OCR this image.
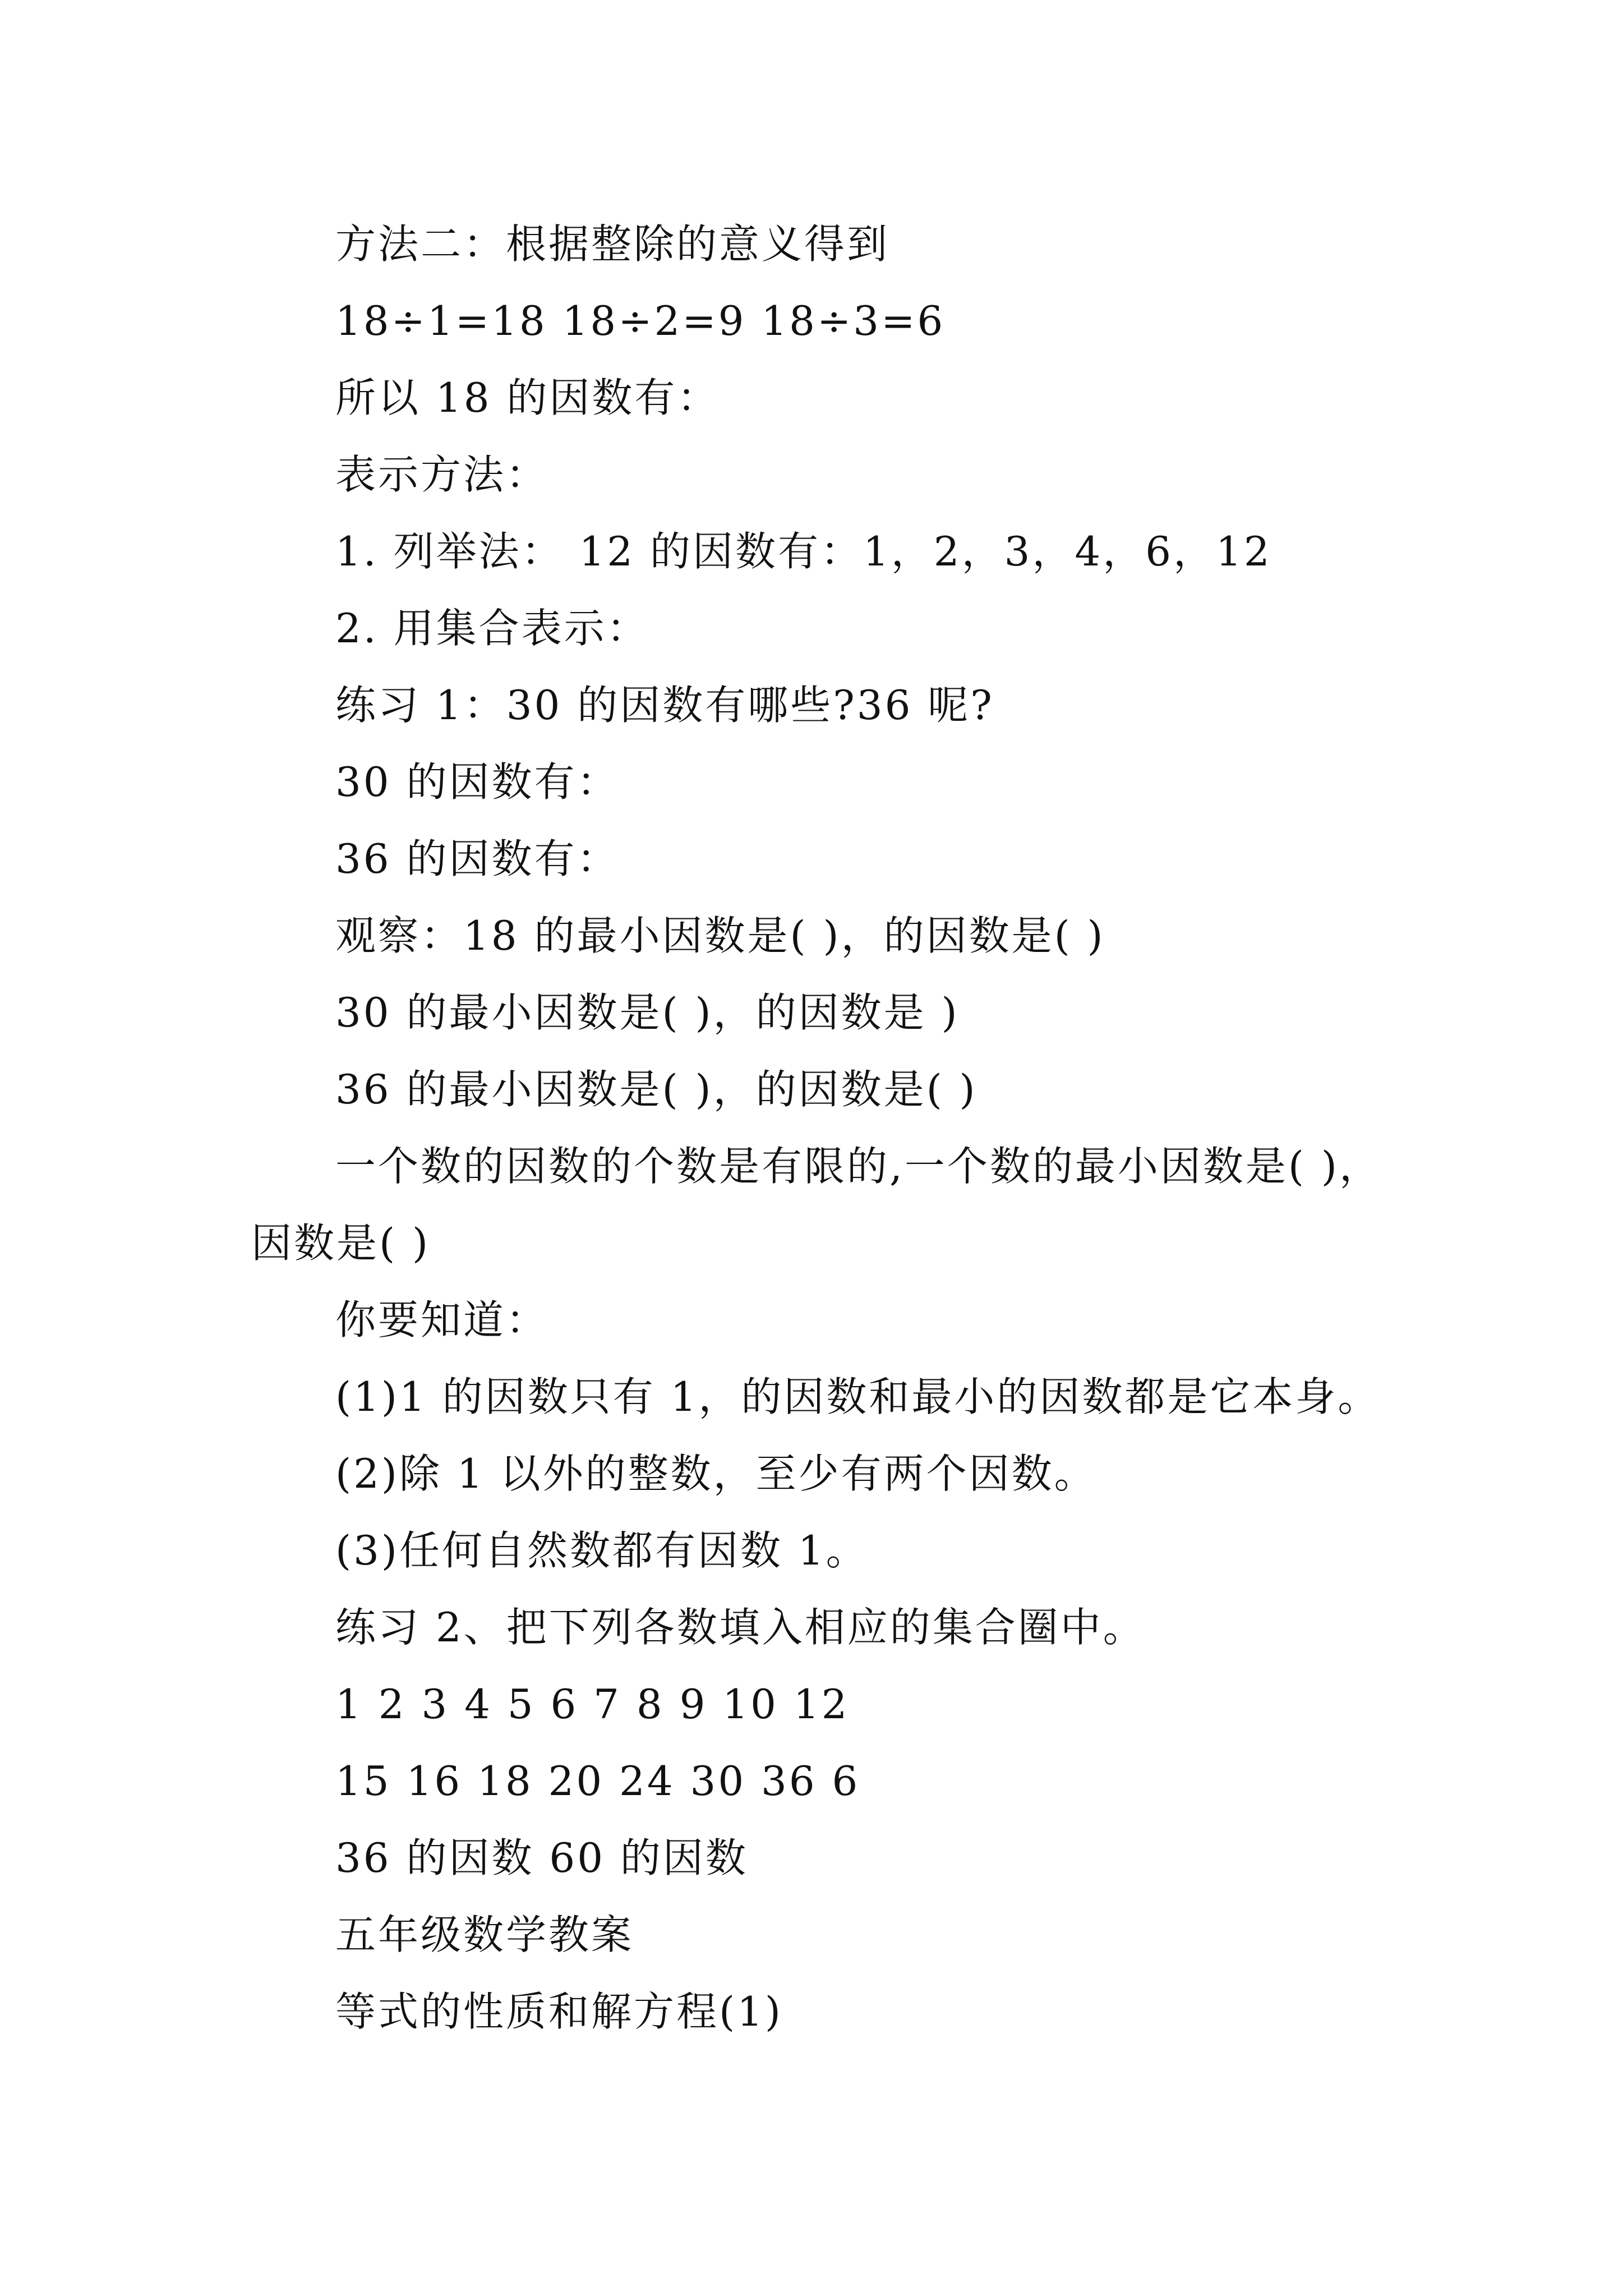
方法二：根据整除的意义得到
18÷1=18 18÷2=9 18÷3=6
所以 18 的因数有：
表示方法：
1. 列举法： 12 的因数有：1，2，3，4，6，12
2. 用集合表示：
练习 1：30 的因数有哪些?36 呢?
30 的因数有：
36 的因数有：
观察：18 的最小因数是( )，的因数是( )
30 的最小因数是( )，的因数是 )
36 的最小因数是( )，的因数是( )
一个数的因数的个数是有限的,一个数的最小因数是( )，
因数是( )
你要知道：
(1)1 的因数只有 1，的因数和最小的因数都是它本身。
(2)除 1 以外的整数，至少有两个因数。
(3)任何自然数都有因数 1。
练习 2、把下列各数填入相应的集合圈中。
1 2 3 4 5 6 7 8 9 10 12
15 16 18 20 24 30 36 6
36 的因数 60 的因数
五年级数学教案
等式的性质和解方程(1)
